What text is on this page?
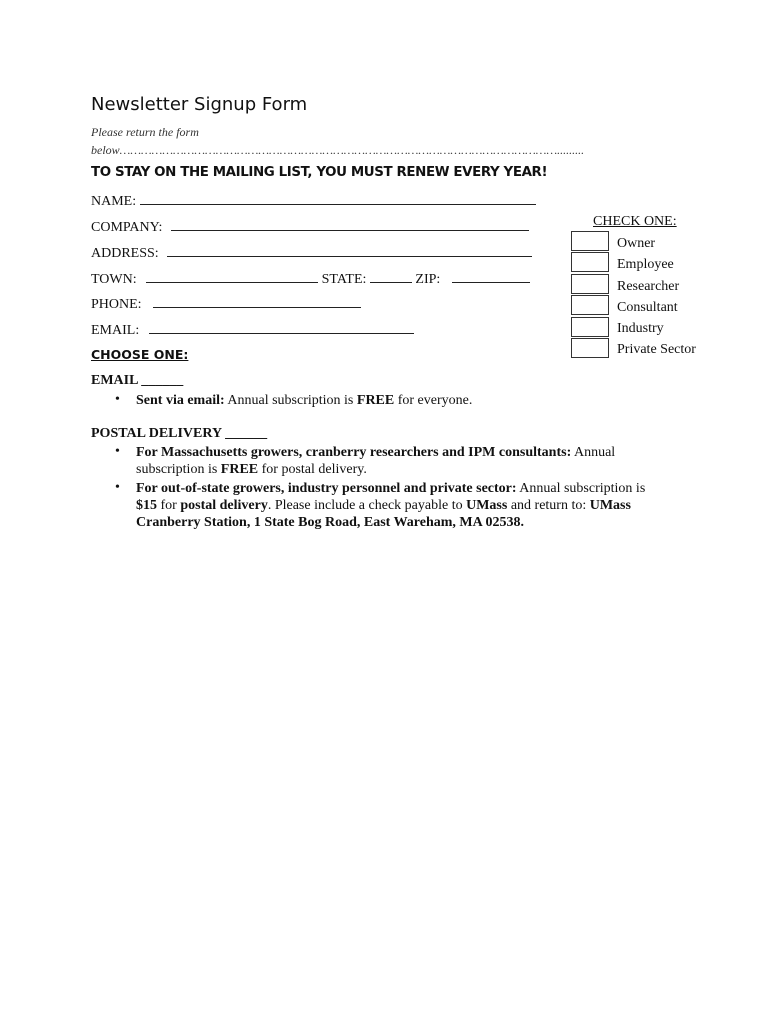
Newsletter Signup Form
Please return the form
below…………………………………………………………………………………………………………….........
TO STAY ON THE MAILING LIST, YOU MUST RENEW EVERY YEAR!
NAME:
COMPANY:
ADDRESS:
TOWN:	STATE:	ZIP:
PHONE:
EMAIL:
CHOOSE ONE:
CHECK ONE:
Owner
Employee
Researcher
Consultant
Industry
Private Sector
EMAIL ______
• Sent via email: Annual subscription is FREE for everyone.
POSTAL DELIVERY ______
• For Massachusetts growers, cranberry researchers and IPM consultants: Annual
subscription is FREE for postal delivery.
• For out-of-state growers, industry personnel and private sector: Annual subscription is
$15 for postal delivery. Please include a check payable to UMass and return to: UMass
Cranberry Station, 1 State Bog Road, East Wareham, MA 02538.
